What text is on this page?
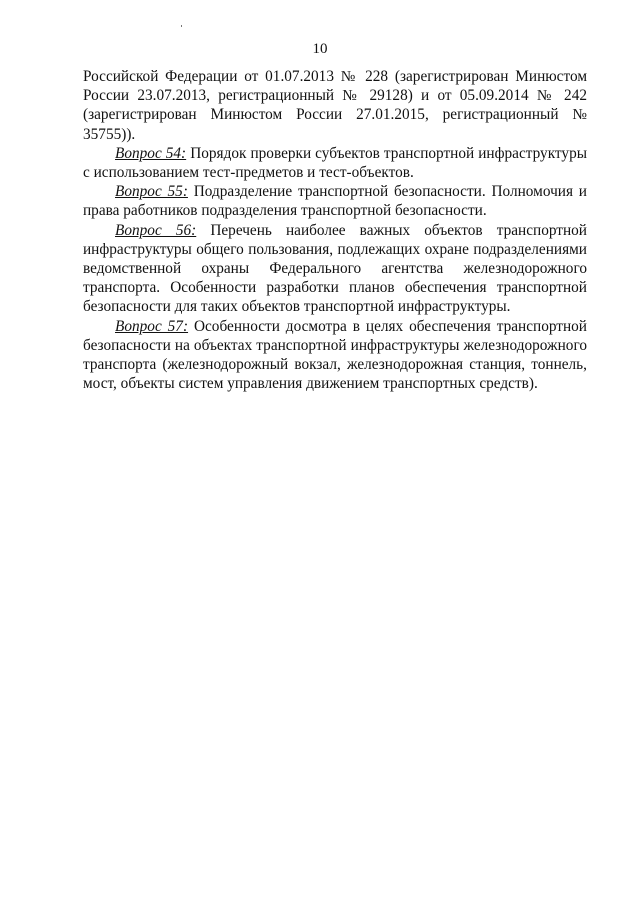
10

Российской Федерации от 01.07.2013 № 228 (зарегистрирован Минюстом России 23.07.2013, регистрационный № 29128) и от 05.09.2014 № 242 (зарегистрирован Минюстом России 27.01.2015, регистрационный № 35755)).

Вопрос 54: Порядок проверки субъектов транспортной инфраструктуры с использованием тест-предметов и тест-объектов.

Вопрос 55: Подразделение транспортной безопасности. Полномочия и права работников подразделения транспортной безопасности.

Вопрос 56: Перечень наиболее важных объектов транспортной инфраструктуры общего пользования, подлежащих охране подразделениями ведомственной охраны Федерального агентства железнодорожного транспорта. Особенности разработки планов обеспечения транспортной безопасности для таких объектов транспортной инфраструктуры.

Вопрос 57: Особенности досмотра в целях обеспечения транспортной безопасности на объектах транспортной инфраструктуры железнодорожного транспорта (железнодорожный вокзал, железнодорожная станция, тоннель, мост, объекты систем управления движением транспортных средств).
